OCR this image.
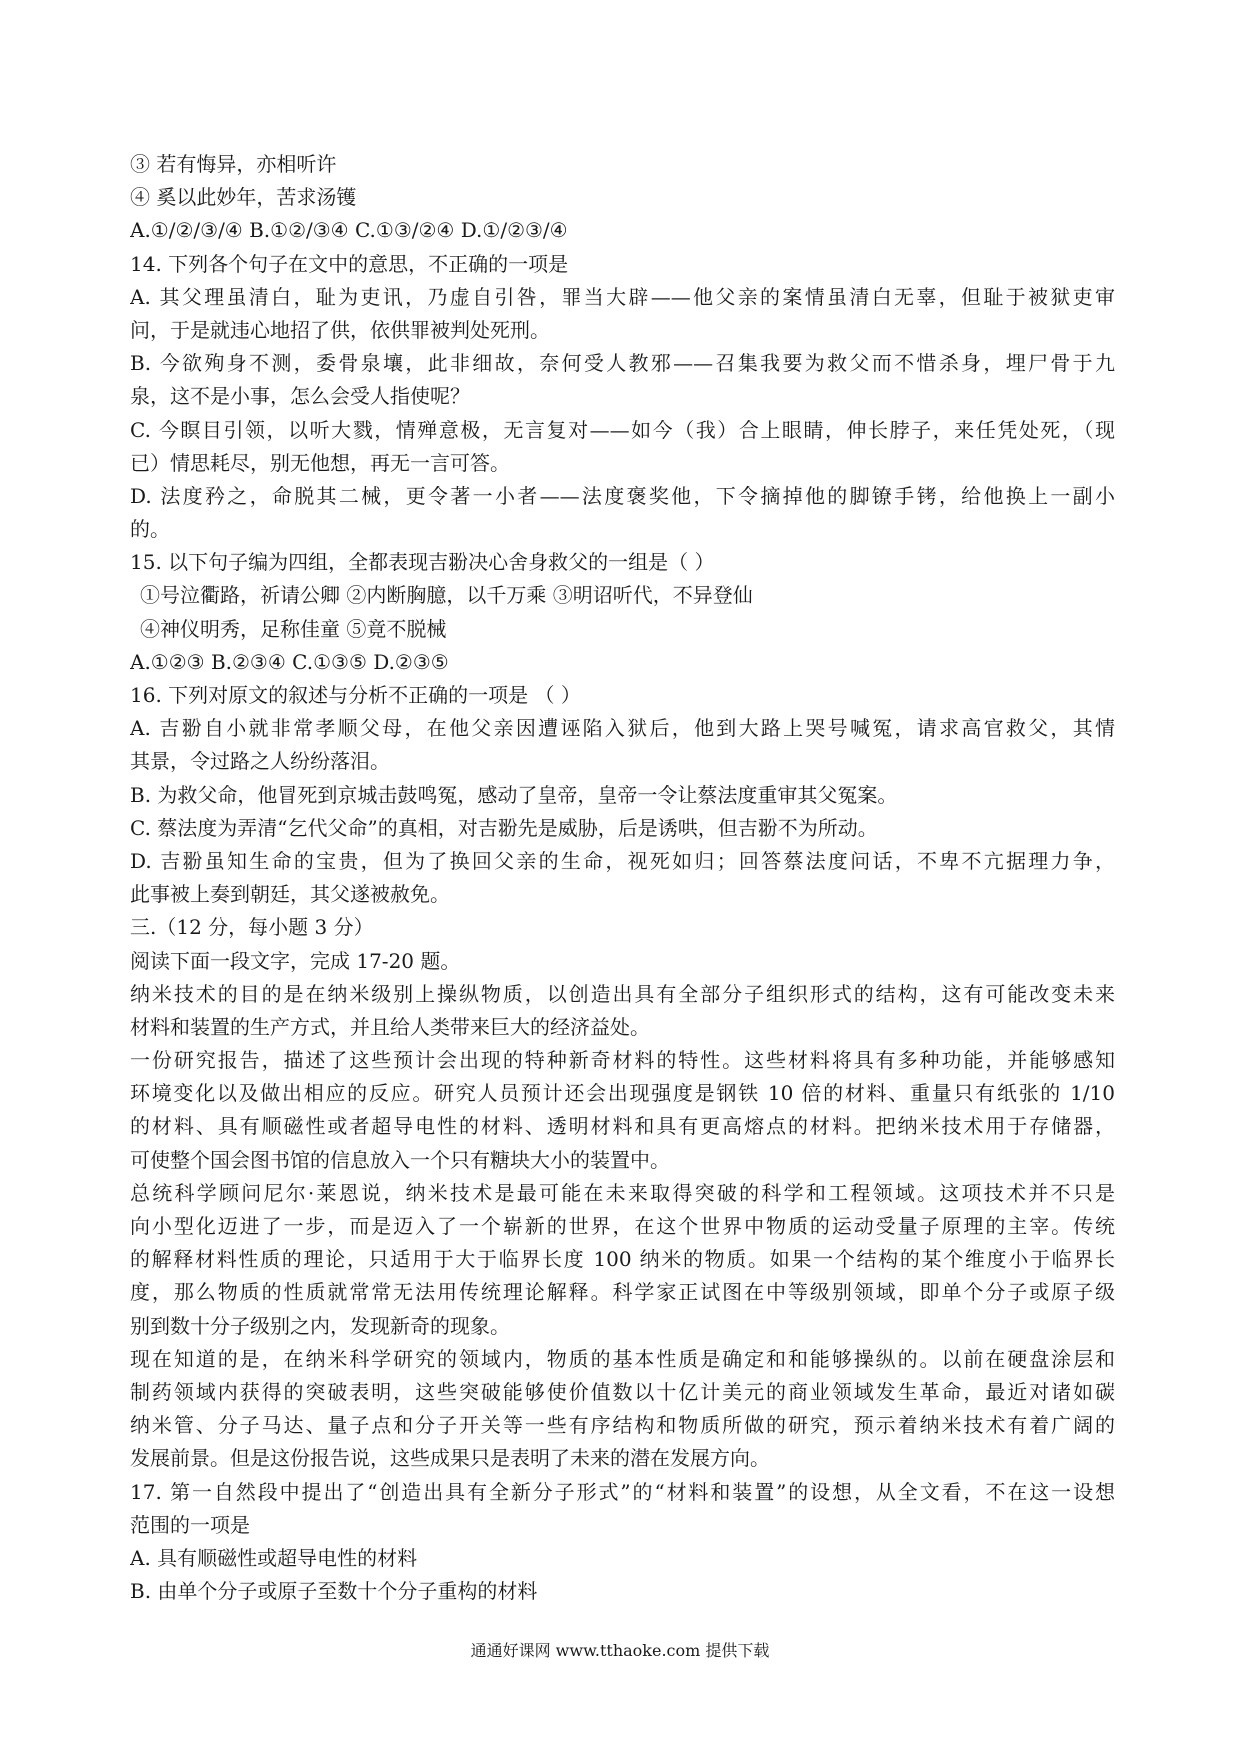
③ 若有悔异，亦相听许
④ 奚以此妙年，苦求汤镬
A.①/②/③/④ B.①②/③④ C.①③/②④ D.①/②③/④
14. 下列各个句子在文中的意思，不正确的一项是
A. 其父理虽清白，耻为吏讯，乃虚自引咎，罪当大辟——他父亲的案情虽清白无辜，但耻于被狱吏审
问，于是就违心地招了供，依供罪被判处死刑。
B. 今欲殉身不测，委骨泉壤，此非细故，奈何受人教邪——召集我要为救父而不惜杀身，埋尸骨于九
泉，这不是小事，怎么会受人指使呢？
C. 今瞑目引领，以听大戮，情殚意极，无言复对——如今（我）合上眼睛，伸长脖子，来任凭处死，（现
已）情思耗尽，别无他想，再无一言可答。
D. 法度矜之，命脱其二械，更令著一小者——法度褒奖他，下令摘掉他的脚镣手铐，给他换上一副小
的。
15. 以下句子编为四组，全都表现吉翂决心舍身救父的一组是（ ）
①号泣衢路，祈请公卿 ②内断胸臆，以千万乘 ③明诏听代，不异登仙
④神仪明秀，足称佳童 ⑤竟不脱械
A.①②③ B.②③④ C.①③⑤ D.②③⑤
16. 下列对原文的叙述与分析不正确的一项是 （ ）
A. 吉翂自小就非常孝顺父母，在他父亲因遭诬陷入狱后，他到大路上哭号喊冤，请求高官救父，其情
其景，令过路之人纷纷落泪。
B. 为救父命，他冒死到京城击鼓鸣冤，感动了皇帝，皇帝一令让蔡法度重审其父冤案。
C. 蔡法度为弄清“乞代父命”的真相，对吉翂先是威胁，后是诱哄，但吉翂不为所动。
D. 吉翂虽知生命的宝贵，但为了换回父亲的生命，视死如归；回答蔡法度问话，不卑不亢据理力争，
此事被上奏到朝廷，其父遂被赦免。
三.（12 分，每小题 3 分）
阅读下面一段文字，完成 17-20 题。
纳米技术的目的是在纳米级别上操纵物质，以创造出具有全部分子组织形式的结构，这有可能改变未来
材料和装置的生产方式，并且给人类带来巨大的经济益处。
一份研究报告，描述了这些预计会出现的特种新奇材料的特性。这些材料将具有多种功能，并能够感知
环境变化以及做出相应的反应。研究人员预计还会出现强度是钢铁 10 倍的材料、重量只有纸张的 1/10
的材料、具有顺磁性或者超导电性的材料、透明材料和具有更高熔点的材料。把纳米技术用于存储器，
可使整个国会图书馆的信息放入一个只有糖块大小的装置中。
总统科学顾问尼尔·莱恩说，纳米技术是最可能在未来取得突破的科学和工程领域。这项技术并不只是
向小型化迈进了一步，而是迈入了一个崭新的世界，在这个世界中物质的运动受量子原理的主宰。传统
的解释材料性质的理论，只适用于大于临界长度 100 纳米的物质。如果一个结构的某个维度小于临界长
度，那么物质的性质就常常无法用传统理论解释。科学家正试图在中等级别领域，即单个分子或原子级
别到数十分子级别之内，发现新奇的现象。
现在知道的是，在纳米科学研究的领域内，物质的基本性质是确定和和能够操纵的。以前在硬盘涂层和
制药领域内获得的突破表明，这些突破能够使价值数以十亿计美元的商业领域发生革命，最近对诸如碳
纳米管、分子马达、量子点和分子开关等一些有序结构和物质所做的研究，预示着纳米技术有着广阔的
发展前景。但是这份报告说，这些成果只是表明了未来的潜在发展方向。
17. 第一自然段中提出了“创造出具有全新分子形式”的“材料和装置”的设想，从全文看，不在这一设想
范围的一项是
A. 具有顺磁性或超导电性的材料
B. 由单个分子或原子至数十个分子重构的材料
通通好课网 www.tthaoke.com 提供下载
